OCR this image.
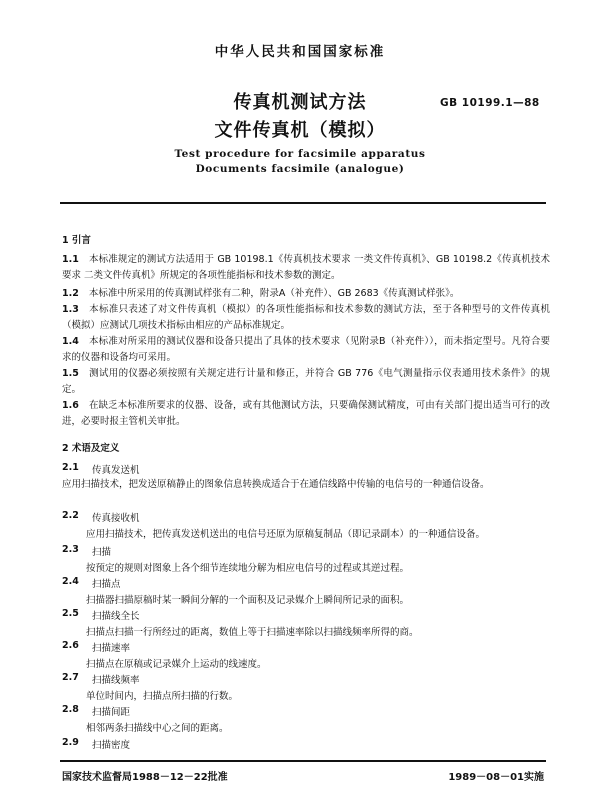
中华人民共和国国家标准
传真机测试方法
文件传真机（模拟）
GB 10199.1—88
Test procedure for facsimile apparatus
Documents facsimile (analogue)
1 引言
1.1 本标准规定的测试方法适用于 GB 10198.1《传真机技术要求 一类文件传真机》、GB 10198.2《传真机技术要求 二类文件传真机》所规定的各项性能指标和技术参数的测定。
1.2 本标准中所采用的传真测试样张有二种，附录A（补充件）、GB 2683《传真测试样张》。
1.3 本标准只表述了对文件传真机（模拟）的各项性能指标和技术参数的测试方法，至于各种型号的文件传真机（模拟）应测试几项技术指标由相应的产品标准规定。
1.4 本标准对所采用的测试仪器和设备只提出了具体的技术要求（见附录B（补充件）），而未指定型号。凡符合要求的仪器和设备均可采用。
1.5 测试用的仪器必须按照有关规定进行计量和修正，并符合 GB 776《电气测量指示仪表通用技术条件》的规定。
1.6 在缺乏本标准所要求的仪器、设备，或有其他测试方法，只要确保测试精度，可由有关部门提出适当可行的改进，必要时报主管机关审批。
2 术语及定义
2.1 传真发送机
应用扫描技术，把发送原稿静止的图象信息转换成适合于在通信线路中传输的电信号的一种通信设备。
2.2 传真接收机
应用扫描技术，把传真发送机送出的电信号还原为原稿复制品（即记录副本）的一种通信设备。
2.3 扫描
按预定的规则对图象上各个细节连续地分解为相应电信号的过程或其逆过程。
2.4 扫描点
扫描器扫描原稿时某一瞬间分解的一个面积及记录媒介上瞬间所记录的面积。
2.5 扫描线全长
扫描点扫描一行所经过的距离，数值上等于扫描速率除以扫描线频率所得的商。
2.6 扫描速率
扫描点在原稿或记录媒介上运动的线速度。
2.7 扫描线频率
单位时间内，扫描点所扫描的行数。
2.8 扫描间距
相邻两条扫描线中心之间的距离。
2.9 扫描密度
国家技术监督局1988－12－22批准	1989－08－01实施
